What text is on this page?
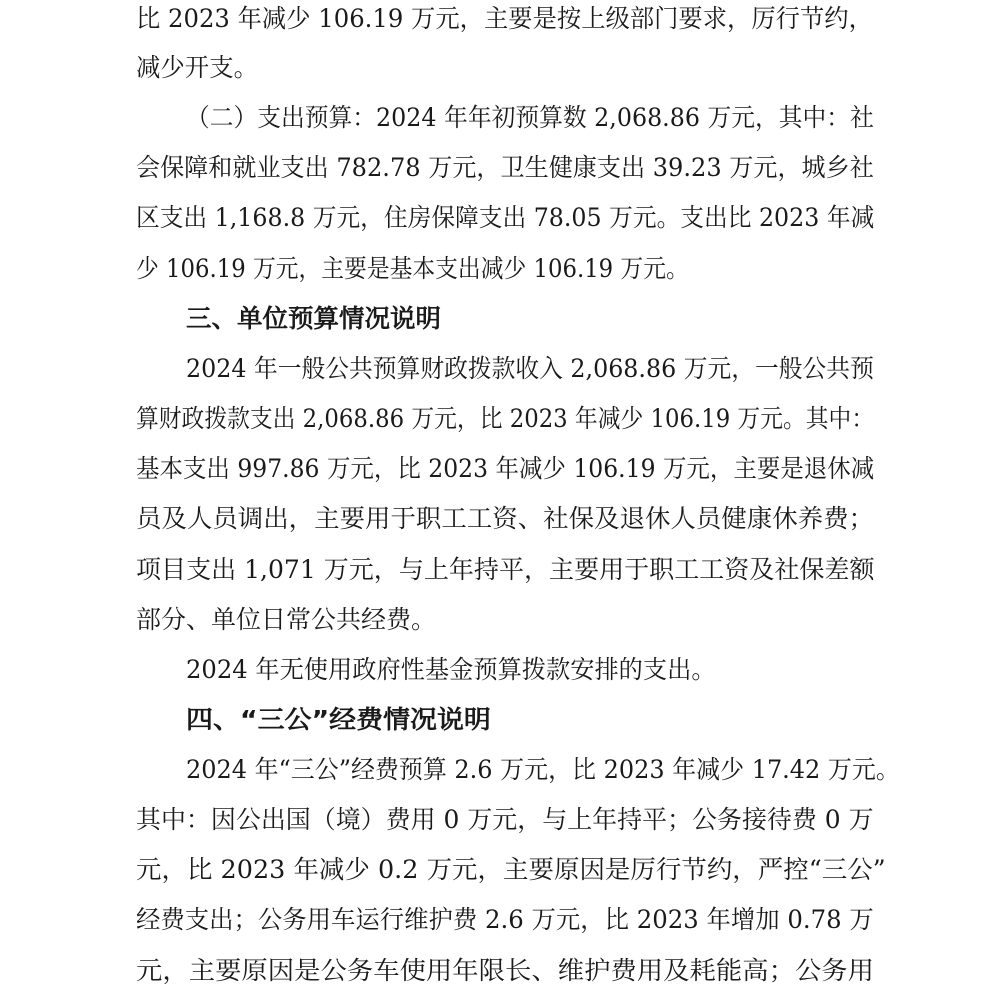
比 2023 年减少 106.19 万元，主要是按上级部门要求，厉行节约，
减少开支。
（二）支出预算：2024 年年初预算数 2,068.86 万元，其中：社
会保障和就业支出 782.78 万元，卫生健康支出 39.23 万元，城乡社
区支出 1,168.8 万元，住房保障支出 78.05 万元。支出比 2023 年减
少 106.19 万元，主要是基本支出减少 106.19 万元。
三、单位预算情况说明
2024 年一般公共预算财政拨款收入 2,068.86 万元，一般公共预
算财政拨款支出 2,068.86 万元，比 2023 年减少 106.19 万元。其中：
基本支出 997.86 万元，比 2023 年减少 106.19 万元，主要是退休减
员及人员调出，主要用于职工工资、社保及退休人员健康休养费；
项目支出 1,071 万元，与上年持平，主要用于职工工资及社保差额
部分、单位日常公共经费。
2024 年无使用政府性基金预算拨款安排的支出。
四、“三公”经费情况说明
2024 年“三公”经费预算 2.6 万元，比 2023 年减少 17.42 万元。
其中：因公出国（境）费用 0 万元，与上年持平；公务接待费 0 万
元，比 2023 年减少 0.2 万元，主要原因是厉行节约，严控“三公”
经费支出；公务用车运行维护费 2.6 万元，比 2023 年增加 0.78 万
元，主要原因是公务车使用年限长、维护费用及耗能高；公务用
